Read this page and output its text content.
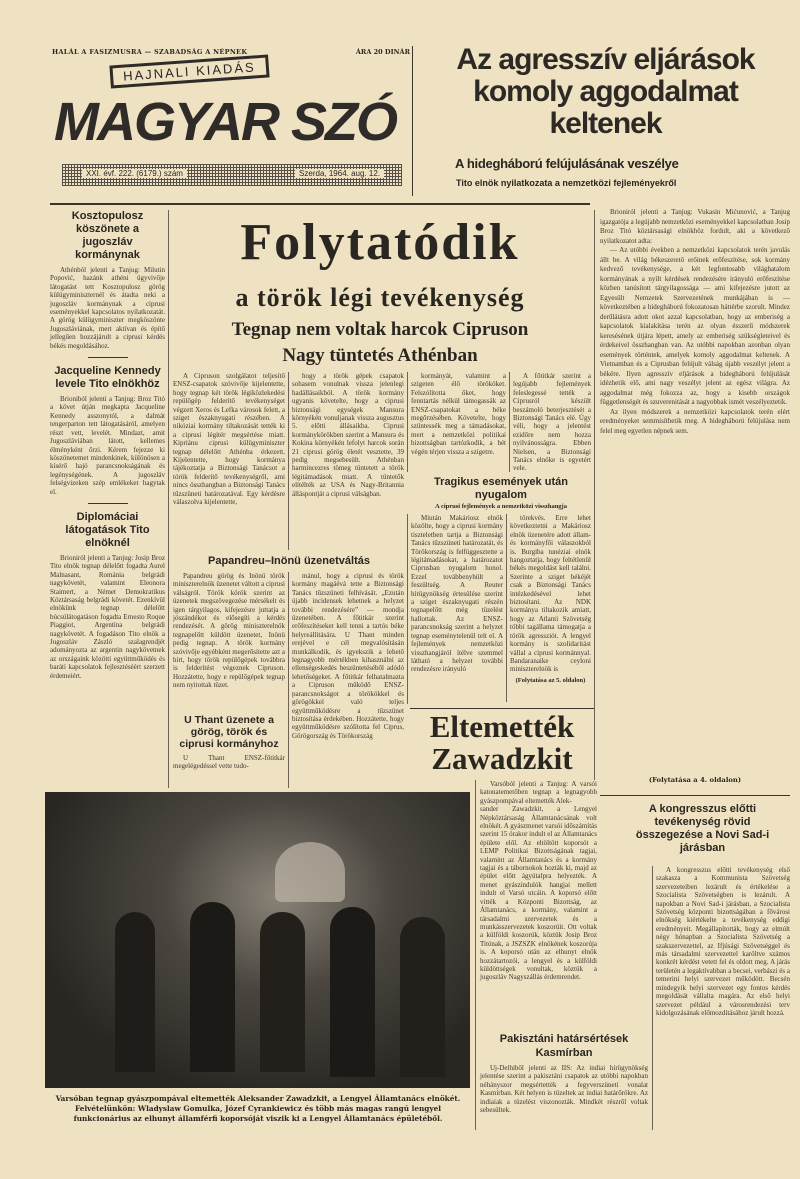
HALÁL A FASIZMUSRA — SZABADSÁG A NÉPNEK	ÁRA 20 DINÁR
HAJNALI KIADÁS
MAGYAR SZÓ
XXI. évf. 222. (6179.) szám	Szerda, 1964. aug. 12.
Az agresszív eljárások
komoly aggodalmat
keltenek
A hidegháború felújulásának veszélye
Tito elnök nyilatkozata a nemzetközi fejleményekről
Kosztopulosz köszönete a jugoszláv kormánynak

Athénból jelenti a Tanjug: Milutin Popović, hazánk athéni ügyvivője látogatást tett Kosztopulosz görög külügyminiszternél és átadta neki a jugoszláv kormánynak a ciprusi eseményekkel kapcsolatos nyilatkozatát. A görög külügyminiszter megköszönte Jugoszláviának, mert aktívan és építő jellegűen hozzájárult a ciprusi kérdés békés megoldásához.

Jacqueline Kennedy levele Tito elnökhöz

Brioniból jelenti a Tanjug: Broz Titó a követ útján megkapta Jacqueline Kennedy asszonytól, a dalmát tengerparton tett látogatásáról, amelyen részt vett, levelét. Mindazt, amit Jugoszláviában látott, kellemes élményként őrzi. Kérem fejezze ki köszönetemet mindenkinek, különösen a kísérő hajó parancsnokságának és legénységének. A jugoszláv felségvizeken szép emlékeket hagytak el.

Diplomáciai látogatások Tito elnöknél

Brioniról jelenti a Tanjug: Josip Broz Tito elnök tegnap délelőtt fogadta Aurel Malnasant, Románia belgrádi nagykövetét, valamint Eleonora Staimert, a Német Demokratikus Köztársaság belgrádi követét. Ezenkívül elnökünk tegnap délelőtt búcsúlátogatáson fogadta Ernesto Roque Piaggiot, Argentína belgrádi nagykövetét. A fogadáson Tito elnök a Jugoszláv Zászló szalagrendjét adományozta az argentin nagykövetnek az országaink közötti együttműködés és baráti kapcsolatok fejlesztéséért szerzett érdemeiért.

Folytatódik
a török légi tevékenység
Tegnap nem voltak harcok Cipruson
Nagy tüntetés Athénban

A Cipruson szolgálatot teljesítő ENSZ-csapatok szóvivője kijelentette, hogy tegnap két török légiközlekedési repülőgép felderítő tevékenységet végzett Xeros és Lefka városok felett, a sziget északnyugati részében. A nikóziai kormány tiltakozását tették ki a ciprusi légitér megsértése miatt. Kipriánu ciprusi külügyminiszter tegnap délelőtt Athénba érkezett. Kijelentette, hogy kormánya tájékoztatja a Biztonsági Tanácsot a török felderítő tevékenységről, ami nincs összhangban a Biztonsági Tanács tűzszüneti határozatával. Egy kérdésre válaszolva kijelentette,

hogy a török gépek csapatok sohasem vonulnak vissza jelenlegi hadállásaikból. A török kormány ugyanis követelte, hogy a ciprusi biztonsági egységek Mansura környékén vonuljanak vissza augusztus 5. előtti állásaikba. Ciprusi kormánykörökben szerint a Mansura és Kokina környékén lefolyt harcok során 21 ciprusi görög életét vesztette, 39 pedig megsebesült. Athénban harmincezres tömeg tüntetett a török légitámadások miatt. A tüntetők elítélték az USA és Nagy-Britannia álláspontját a ciprusi válságban.

kormányát, valamint a szigeten élő törököket. Felszólította őket, hogy fenntartás nélkül támogassák az ENSZ-csapatokat a béke megőrzésében. Követelte, hogy szüntessék meg a támadásokat, mert a nemzetközi politikai bizottságban tartózkodik, a hét végén térjen vissza a szigetre.

A főtitkár szerint a legújabb fejlemények feleslegessé tették a Ciprusról készült beszámoló beterjesztését a Biztonsági Tanács elé. Úgy véli, hogy a jelentést ezidőre nem hozza nyilvánosságra. Ebben Nielsen, a Biztonsági Tanács elnöke is egyetért vele.

Papandreu–Inönü üzenetváltás

Papandreu görög és Inönü török miniszterelnök üzenetet váltott a ciprusi válságról. Török körök szerint az üzenetek megszövegezése mérsékelt és igen tárgyilagos, kifejezésre juttatja a jószándékot és elősegíti a kérdés rendezését. A görög miniszterelnök tegnapelőtt küldött üzenetet, Inönü pedig tegnap. A török kormány szóvivője egyébként megerősítette azt a hírt, hogy török repülőgépek továbbra is felderítést végeznek Cipruson. Hozzátette, hogy e repülőgépek tegnap nem nyitottak tüzet.

U Thant üzenete a görög, török és ciprusi kormányhoz

U Thant ENSZ-főtitkár megelégedéssel vette tudo-

mánul, hogy a ciprusi és török kormány magáévá tette a Biztonsági Tanács tűzszüneti felhívását. „Ezután újabb incidensek lehetnek a helyzet további rendezésére” — mondja üzenetében. A főtitkár szerint erőfeszítéseket kell tenni a tartós béke helyreállítására. U Thant minden erejével e cél megvalósításán munkálkodik, és igyekszik a lehető legnagyobb mértékben kihasználni az ellenségeskedés beszüntetéséből adódó lehetőségeket. A főtitkár felhatalmazta a Cipruson működő ENSZ-parancsnokságot a törökökkel és görögökkel való teljes együttműködésre a tűzszünet biztosítása érdekében. Hozzátette, hogy együttműködésre szólította fel Ciprus, Görögország és Törökország

Tragikus események után nyugalom
A ciprusi fejlemények a nemzetközi visszhangja

Miután Makáriosz elnök közölte, hogy a ciprusi kormány tiszteletben tartja a Biztonsági Tanács tűzszüneti határozatát, és Törökország is felfüggesztette a légitámadásokat, a határozatot Ciprusban nyugalom honol. Ezzel továbbenyhült a feszültség. A Reuter hírügynökség értesülése szerint a sziget északnyugati részén tegnapelőtt még tüzelést hallottak. Az ENSZ-parancsnokság szerint a helyzet tegnap eseménytelenül telt el. A fejlemények nemzetközi visszhangjáról ítélve szemmel látható a helyzet további rendezésre irányuló

törekvés. Erre lehet következtetni a Makáriosz elnök üzenetére adott állam- és kormányfői válaszokból is. Burgiba tunéziai elnök hangoztatja, hogy feltétlenül békés megoldást kell találni. Szerinte a sziget békéjét csak a Biztonsági Tanács intézkedésével lehet biztosítani. Az NDK kormánya tiltakozik amiatt, hogy az Atlanti Szövetség többi tagállama támogatja a török agressziót. A lengyel kormány is szolidaritást vállal a ciprusi kormánnyal. Bandaranaike ceyloni miniszterelnök is

(Folytatása az 5. oldalon)
Eltemették
Zawadzkit

Varsóból jelenti a Tanjug: A varsói katonatemetőben tegnap a legnagyobb gyászpompával eltemették Alek-

sander Zawadzkit, a Lengyel Népköztársaság Államtanácsának volt elnökét. A gyászmenet varsói időszámítás szerint 15 órakor indult el az Államtanács épülete elől. Az eltöltött koporsót a LEMP Politikai Bizottságának tagjai, valamint az Államtanács és a kormány tagjai és a tábornokok hozták ki, majd az épület előtt ágyútalpra helyezték. A menet gyászindulók hangjai mellett indult el Varsó utcáin. A koporsó előtt vitték a Központi Bizottság, az Államtanács, a kormány, valamint a társadalmi szervezetek és a munkásszervezetek koszorúit. Ott voltak a külföldi koszorúk, köztük Josip Broz Titónak, a JSZSZK elnökének koszorúja is. A koporsó után az elhunyt elnök hozzátartozói, a lengyel és a külföldi küldöttségek vonultak, köztük a jugoszláv Nagyszállás érdemrendet.

Varsóban tegnap gyászpompával eltemették Aleksander Zawadzkit, a Lengyel Államtanács elnökét. Felvételünkön: Wladyslaw Gomulka, Józef Cyrankiewicz és több más magas rangú lengyel funkcionárius az elhunyt államférfi koporsóját viszik ki a Lengyel Államtanács épületéből.

Brioniról jelenti a Tanjug: Vukasin Mićunović, a Tanjug igazgatója a legújabb nemzetközi eseményekkel kapcsolatban Josip Broz Titó köztársasági elnökhöz fordult, aki a következő nyilatkozatot adta:

— Az utóbbi években a nemzetközi kapcsolatok terén javulás állt be. A világ békeszerető erőinek erőfeszítése, sok kormány kedvező tevékenysége, a két legfontosabb világhatalom kormányának a nyílt kérdések rendezésére irányuló erőfeszítése közben tanúsított tárgyilagossága — ami kifejezésre jutott az Egyesült Nemzetek Szervezetének munkájában is — következtében a hidegháború fokozatosan háttérbe szorult. Mindez derűlátásra adott okot azzal kapcsolatban, hogy az emberiség a kapcsolatok kialakítása terén az olyan ésszerű módszerek keresésének útjára lépett, amely az emberiség szükségleteivel és érdekeivel összhangban van. Az utóbbi napokban azonban olyan események történtek, amelyek komoly aggodalmat keltenek. A Vietnamban és a Ciprusban felújult válság újabb veszélyt jelent a békére. Ilyen agresszív eljárások a hidegháború felújulását idézhetik elő, ami nagy veszélyt jelent az egész világra. Az aggodalmat még fokozza az, hogy a kisebb országok függetlenségét és szuverenitását a nagyobbak ismét veszélyeztetik.

Az ilyen módszerek a nemzetközi kapcsolatok terén elért eredményeket semmisíthetik meg. A hidegháború felújulása nem felel meg egyetlen népnek sem.

(Folytatása a 4. oldalon)
A kongresszus előtti tevékenység rövid összegezése a Novi Sad-i járásban

A kongresszus előtti tevékenység első szakasza a Kommunista Szövetség szervezeteiben lezárult és értékelése a Szocialista Szövetségben is lezárult. A napokban a Novi Sad-i járásban, a Szocialista Szövetség központi bizottságában a fővárosi elnökség kiértékelte a tevékenység eddigi eredményeit. Megállapították, hogy az elmúlt négy hónapban a Szocialista Szövetség a szakszervezettel, az Ifjúsági Szövetséggel és más társadalmi szervezettel karöltve számos konkrét kérdést vetett fel és oldott meg. A járás területén a legaktívabban a becsei, verbászi és a temerini helyi szervezet működött. Becsén mindegyik helyi szervezet egy fontos kérdés megoldását vállalta magára. Az első helyi szervezet például a városrendezési terv kidolgozásának előmozdításához járult hozzá.

Pakisztáni határsértések Kasmírban

Uj-Delhiből jelenti az IIS: Az indiai hírügynökség jelentése szerint a pakisztáni csapatok az utóbbi napokban néhányszor megsértették a fegyverszüneti vonalat Kasmírban. Két helyen is tüzeltek az indiai határőrökre. Az indiaiak a tüzelést viszonozták. Mindkét részről voltak sebesültek.
